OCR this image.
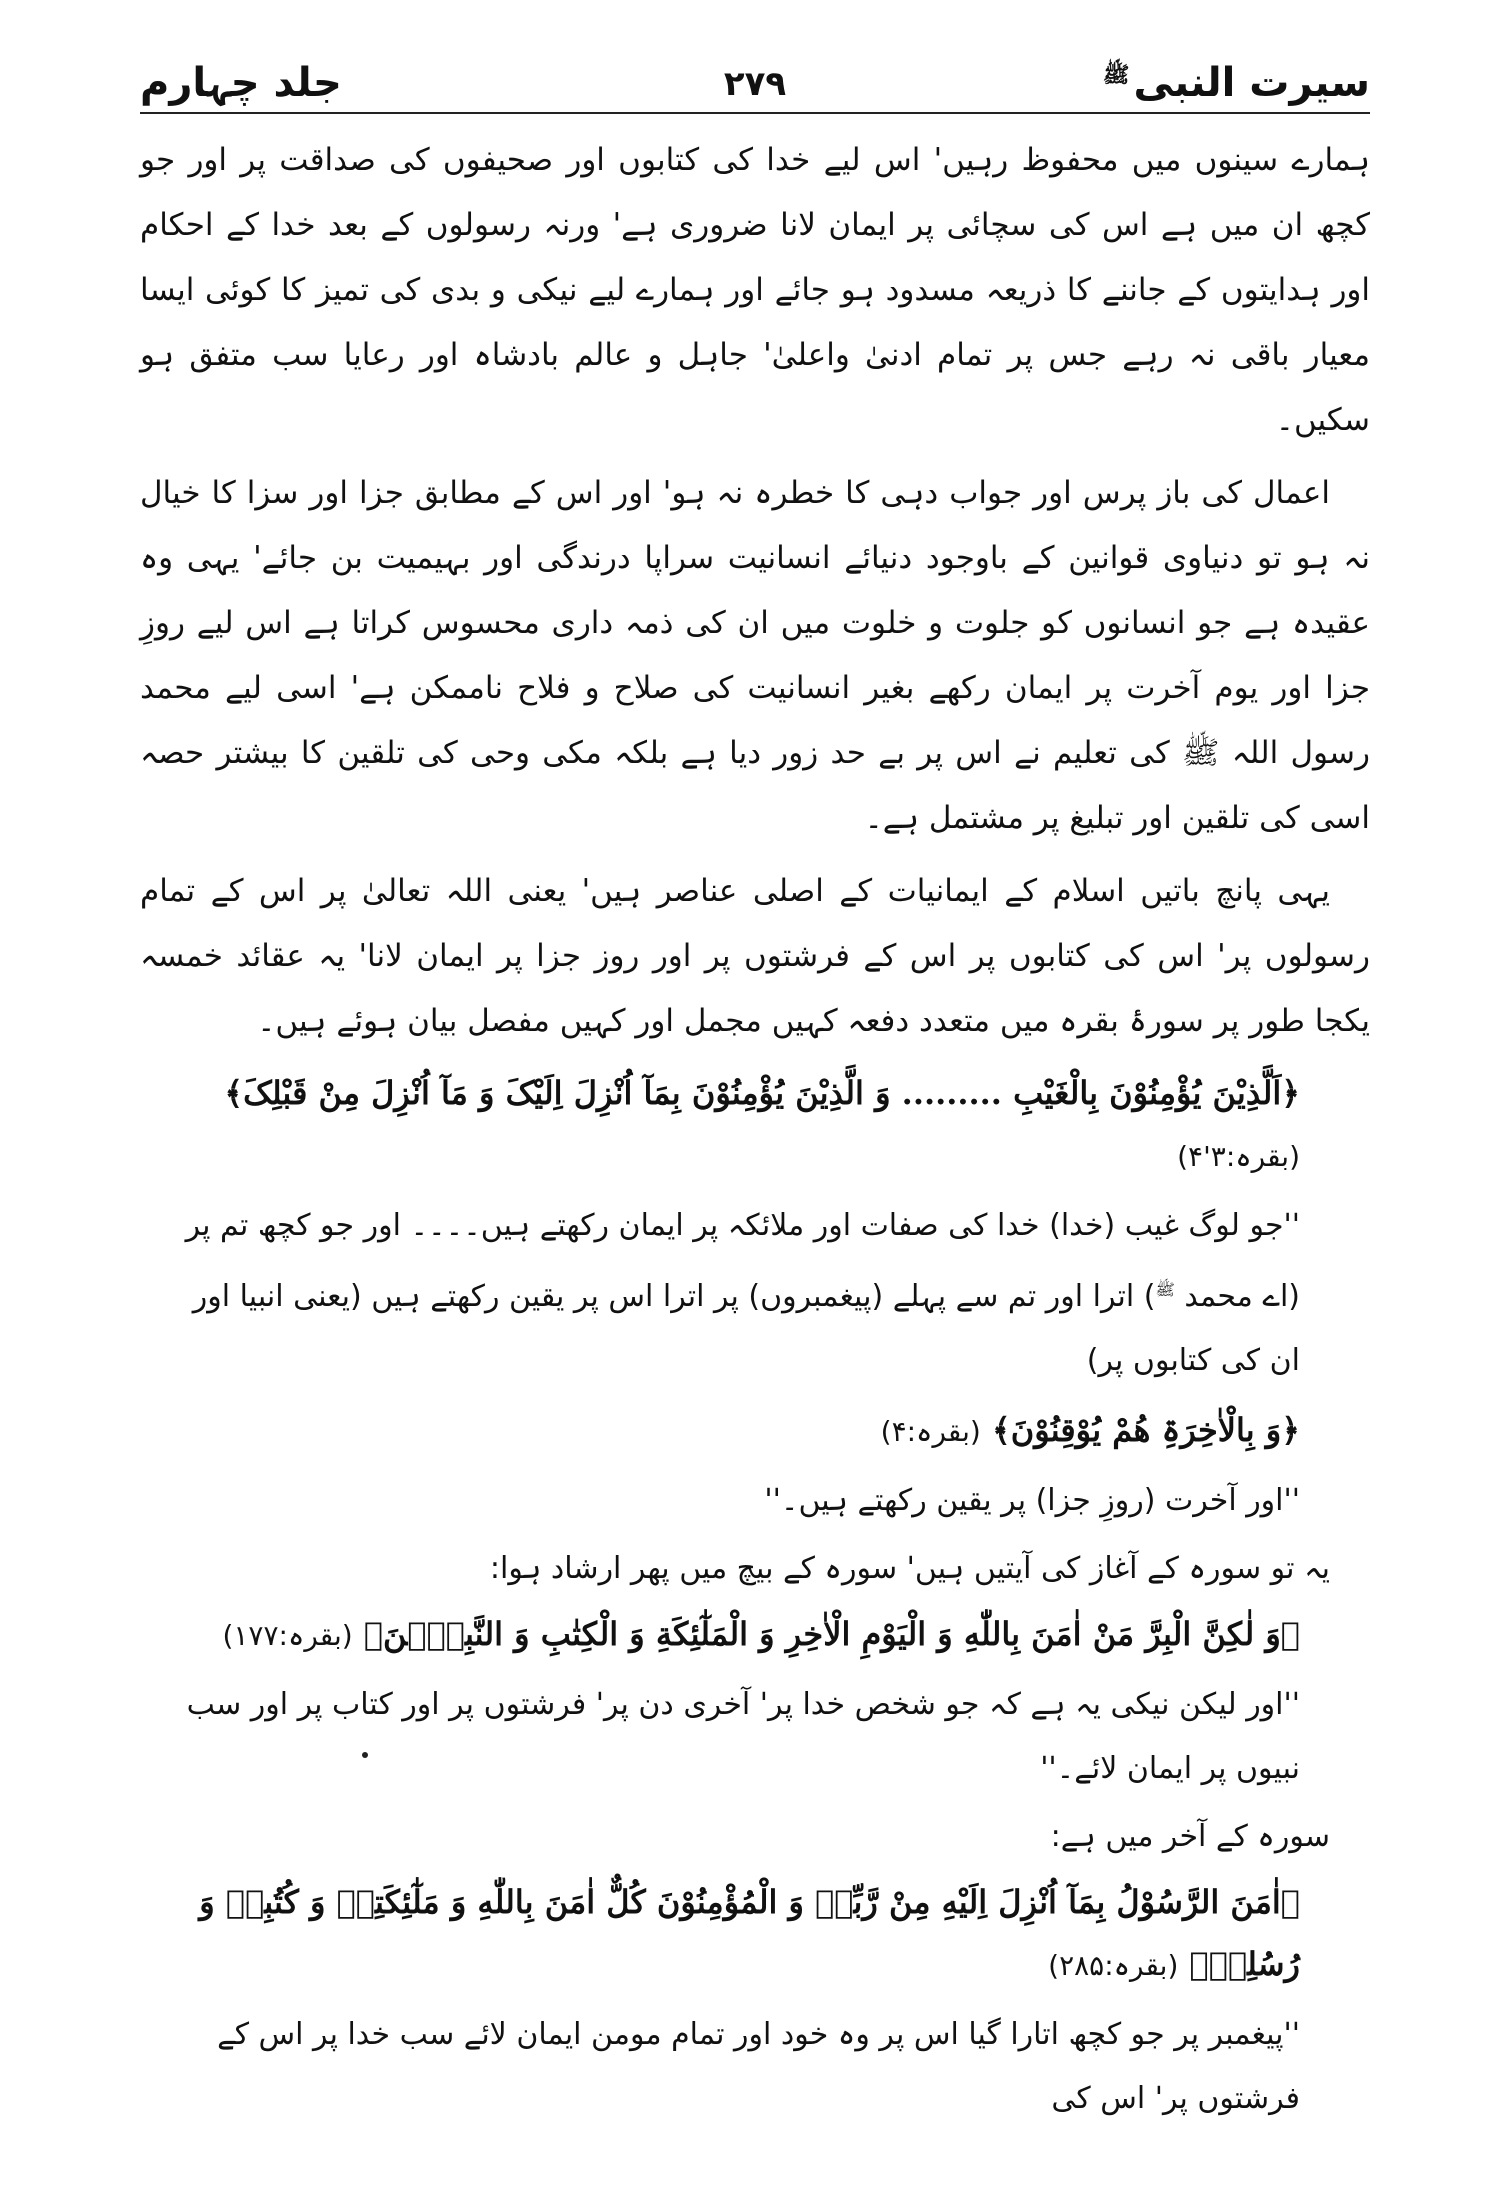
سیرت النبی$^ﷺ$
۲۷۹
جلد چہارم

ہمارے سینوں میں محفوظ رہیں' اس لیے خدا کی کتابوں اور صحیفوں کی صداقت پر اور جو کچھ ان میں ہے اس کی سچائی پر ایمان لانا ضروری ہے' ورنہ رسولوں کے بعد خدا کے احکام اور ہدایتوں کے جاننے کا ذریعہ مسدود ہو جائے اور ہمارے لیے نیکی و بدی کی تمیز کا کوئی ایسا معیار باقی نہ رہے جس پر تمام ادنیٰ واعلیٰ' جاہل و عالم بادشاہ اور رعایا سب متفق ہو سکیں۔

اعمال کی باز پرس اور جواب دہی کا خطرہ نہ ہو' اور اس کے مطابق جزا اور سزا کا خیال نہ ہو تو دنیاوی قوانین کے باوجود دنیائے انسانیت سراپا درندگی اور بہیمیت بن جائے' یہی وہ عقیدہ ہے جو انسانوں کو جلوت و خلوت میں ان کی ذمہ داری محسوس کراتا ہے اس لیے روزِ جزا اور یوم آخرت پر ایمان رکھے بغیر انسانیت کی صلاح و فلاح ناممکن ہے' اسی لیے محمد رسول اللہ ﷺ کی تعلیم نے اس پر بے حد زور دیا ہے بلکہ مکی وحی کی تلقین کا بیشتر حصہ اسی کی تلقین اور تبلیغ پر مشتمل ہے۔

یہی پانچ باتیں اسلام کے ایمانیات کے اصلی عناصر ہیں' یعنی اللہ تعالیٰ پر اس کے تمام رسولوں پر' اس کی کتابوں پر اس کے فرشتوں پر اور روز جزا پر ایمان لانا' یہ عقائد خمسہ یکجا طور پر سورۂ بقرہ میں متعدد دفعہ کہیں مجمل اور کہیں مفصل بیان ہوئے ہیں۔

﴿اَلَّذِیْنَ یُؤْمِنُوْنَ بِالْغَیْبِ ......... وَ الَّذِیْنَ یُؤْمِنُوْنَ بِمَآ اُنْزِلَ اِلَیْکَ وَ مَآ اُنْزِلَ مِنْ قَبْلِکَ﴾ (بقرہ:۳'۴)

''جو لوگ غیب (خدا) خدا کی صفات اور ملائکہ پر ایمان رکھتے ہیں۔۔۔۔ اور جو کچھ تم پر (اے محمد $^ﷺ$) اترا اور تم سے پہلے (پیغمبروں) پر اترا اس پر یقین رکھتے ہیں (یعنی انبیا اور ان کی کتابوں پر)

﴿وَ بِالْاٰخِرَۃِ هُمْ یُوْقِنُوْنَ﴾ (بقرہ:۴)

''اور آخرت (روزِ جزا) پر یقین رکھتے ہیں۔''

یہ تو سورہ کے آغاز کی آیتیں ہیں' سورہ کے بیچ میں پھر ارشاد ہوا:

﴿وَ لٰکِنَّ الْبِرَّ مَنْ اٰمَنَ بِاللّٰهِ وَ الْیَوْمِ الْاٰخِرِ وَ الْمَلٰٓئِکَةِ وَ الْکِتٰبِ وَ النَّبِیّٖنَ﴾ (بقرہ:۱۷۷)

''اور لیکن نیکی یہ ہے کہ جو شخص خدا پر' آخری دن پر' فرشتوں پر اور کتاب پر اور سب نبیوں پر ایمان لائے۔''

سورہ کے آخر میں ہے:

﴿اٰمَنَ الرَّسُوْلُ بِمَآ اُنْزِلَ اِلَیْهِ مِنْ رَّبِّهٖ وَ الْمُؤْمِنُوْنَ کُلٌّ اٰمَنَ بِاللّٰهِ وَ مَلٰٓئِکَتِهٖ وَ کُتُبِهٖ وَ رُسُلِهٖ﴾ (بقرہ:۲۸۵)

''پیغمبر پر جو کچھ اتارا گیا اس پر وہ خود اور تمام مومن ایمان لائے سب خدا پر اس کے فرشتوں پر' اس کی
